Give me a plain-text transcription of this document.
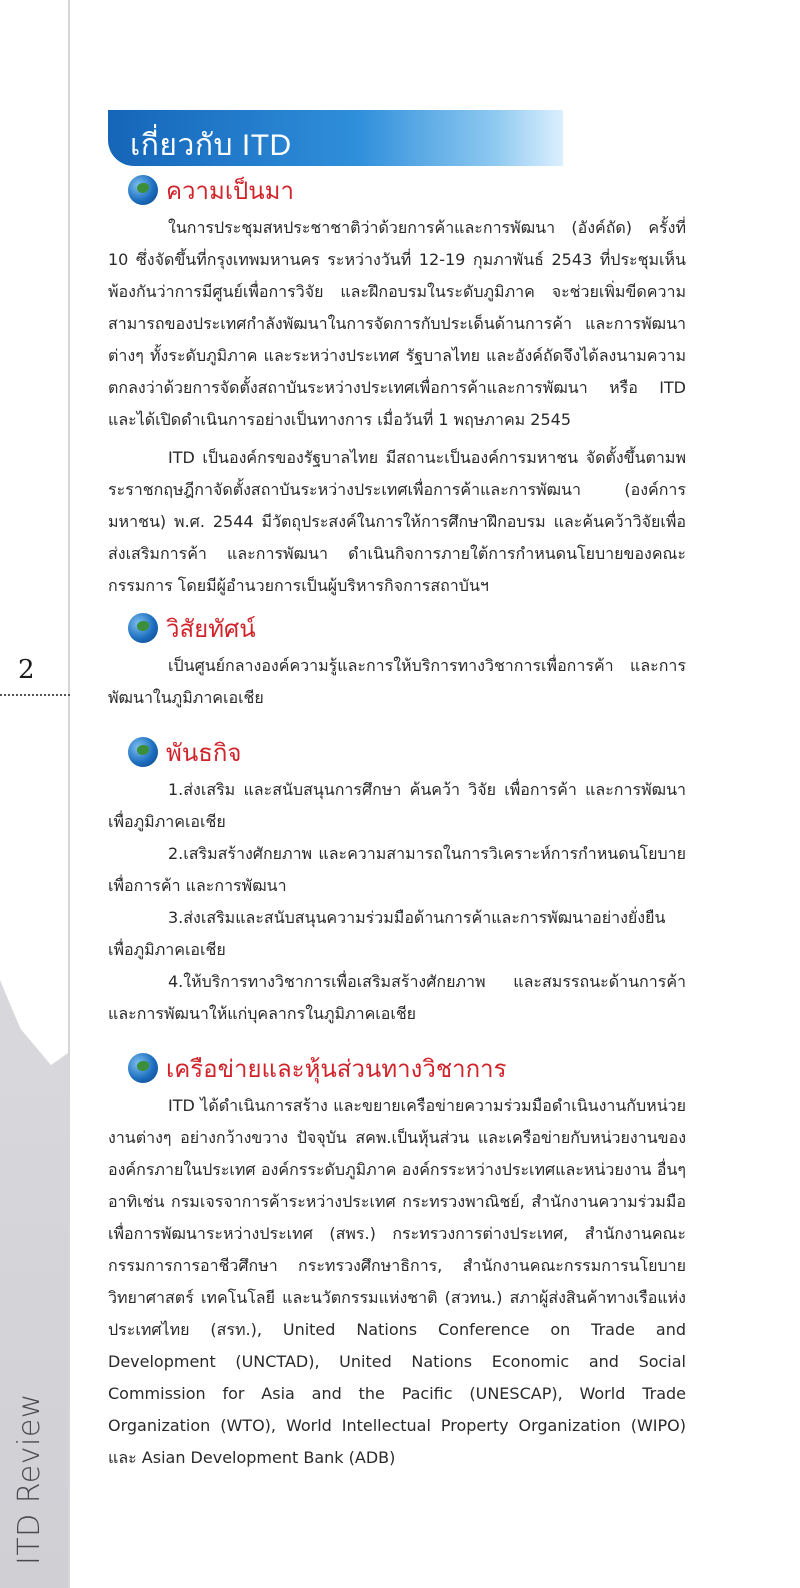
2
ITD Review
เกี่ยวกับ ITD
ความเป็นมา

ในการประชุมสหประชาชาติว่าด้วยการค้าและการพัฒนา (อังค์ถัด) ครั้งที่ 10 ซึ่งจัดขึ้นที่กรุงเทพมหานคร ระหว่างวันที่ 12-19 กุมภาพันธ์ 2543 ที่ประชุมเห็นพ้องกันว่าการมีศูนย์เพื่อการวิจัย และฝึกอบรมในระดับภูมิภาค จะช่วยเพิ่มขีดความสามารถของประเทศกำลังพัฒนาในการจัดการกับประเด็นด้านการค้า และการพัฒนาต่างๆ ทั้งระดับภูมิภาค และระหว่างประเทศ รัฐบาลไทย และอังค์ถัดจึงได้ลงนามความตกลงว่าด้วยการจัดตั้งสถาบันระหว่างประเทศเพื่อการค้าและการพัฒนา หรือ ITD และได้เปิดดำเนินการอย่างเป็นทางการ เมื่อวันที่ 1 พฤษภาคม 2545

ITD เป็นองค์กรของรัฐบาลไทย มีสถานะเป็นองค์การมหาชน จัดตั้งขึ้นตามพระราชกฤษฎีกาจัดตั้งสถาบันระหว่างประเทศเพื่อการค้าและการพัฒนา (องค์การมหาชน) พ.ศ. 2544 มีวัตถุประสงค์ในการให้การศึกษาฝึกอบรม และค้นคว้าวิจัยเพื่อส่งเสริมการค้า และการพัฒนา ดำเนินกิจการภายใต้การกำหนดนโยบายของคณะกรรมการ โดยมีผู้อำนวยการเป็นผู้บริหารกิจการสถาบันฯ

วิสัยทัศน์

เป็นศูนย์กลางองค์ความรู้และการให้บริการทางวิชาการเพื่อการค้า และการพัฒนาในภูมิภาคเอเชีย

พันธกิจ

1.ส่งเสริม และสนับสนุนการศึกษา ค้นคว้า วิจัย เพื่อการค้า และการพัฒนาเพื่อภูมิภาคเอเชีย

2.เสริมสร้างศักยภาพ และความสามารถในการวิเคราะห์การกำหนดนโยบายเพื่อการค้า และการพัฒนา

3.ส่งเสริมและสนับสนุนความร่วมมือด้านการค้าและการพัฒนาอย่างยั่งยืนเพื่อภูมิภาคเอเชีย

4.ให้บริการทางวิชาการเพื่อเสริมสร้างศักยภาพ และสมรรถนะด้านการค้าและการพัฒนาให้แก่บุคลากรในภูมิภาคเอเชีย

เครือข่ายและหุ้นส่วนทางวิชาการ

ITD ได้ดำเนินการสร้าง และขยายเครือข่ายความร่วมมือดำเนินงานกับหน่วยงานต่างๆ อย่างกว้างขวาง ปัจจุบัน สคพ.เป็นหุ้นส่วน และเครือข่ายกับหน่วยงานขององค์กรภายในประเทศ องค์กรระดับภูมิภาค องค์กรระหว่างประเทศและหน่วยงาน อื่นๆ อาทิเช่น กรมเจรจาการค้าระหว่างประเทศ กระทรวงพาณิชย์, สำนักงานความร่วมมือเพื่อการพัฒนาระหว่างประเทศ (สพร.) กระทรวงการต่างประเทศ, สำนักงานคณะกรรมการการอาชีวศึกษา กระทรวงศึกษาธิการ, สำนักงานคณะกรรมการนโยบายวิทยาศาสตร์ เทคโนโลยี และนวัตกรรมแห่งชาติ (สวทน.) สภาผู้ส่งสินค้าทางเรือแห่งประเทศไทย (สรท.), United Nations Conference on Trade and Development (UNCTAD), United Nations Economic and Social Commission for Asia and the Pacific (UNESCAP), World Trade Organization (WTO), World Intellectual Property Organization (WIPO) และ Asian Development Bank (ADB)
